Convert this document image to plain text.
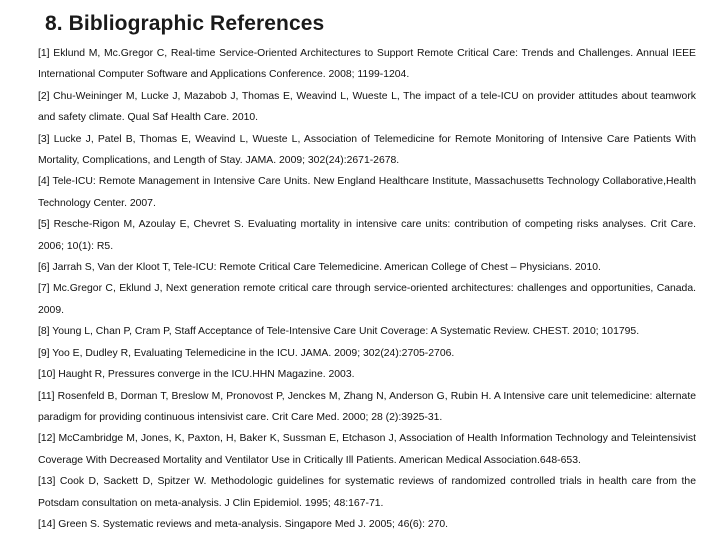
8. Bibliographic References
[1] Eklund M, Mc.Gregor C, Real-time Service-Oriented Architectures to Support Remote Critical Care: Trends and Challenges. Annual IEEE International Computer Software and Applications Conference. 2008; 1199-1204.
[2] Chu-Weininger M, Lucke J, Mazabob J, Thomas E, Weavind L, Wueste L, The impact of a tele-ICU on provider attitudes about teamwork and safety climate. Qual Saf Health Care. 2010.
[3] Lucke J, Patel B, Thomas E, Weavind L, Wueste L, Association of Telemedicine for Remote Monitoring of Intensive Care Patients With Mortality, Complications, and Length of Stay. JAMA. 2009; 302(24):2671-2678.
[4] Tele-ICU: Remote Management in Intensive Care Units. New England Healthcare Institute, Massachusetts Technology Collaborative,Health Technology Center. 2007.
[5] Resche-Rigon M, Azoulay E, Chevret S. Evaluating mortality in intensive care units: contribution of competing risks analyses. Crit Care. 2006; 10(1): R5.
[6] Jarrah S, Van der Kloot T, Tele-ICU: Remote Critical Care Telemedicine. American College of Chest – Physicians. 2010.
[7] Mc.Gregor C, Eklund J, Next generation remote critical care through service-oriented architectures: challenges and opportunities, Canada. 2009.
[8] Young L, Chan P, Cram P, Staff Acceptance of Tele-Intensive Care Unit Coverage: A Systematic Review. CHEST. 2010; 101795.
[9] Yoo E, Dudley R, Evaluating Telemedicine in the ICU. JAMA. 2009; 302(24):2705-2706.
[10] Haught R, Pressures converge in the ICU.HHN Magazine. 2003.
[11] Rosenfeld B, Dorman T, Breslow M, Pronovost P, Jenckes M, Zhang N, Anderson G, Rubin H. A Intensive care unit telemedicine: alternate paradigm for providing continuous intensivist care. Crit Care Med. 2000; 28 (2):3925-31.
[12] McCambridge M, Jones, K, Paxton, H, Baker K, Sussman E, Etchason J, Association of Health Information Technology and Teleintensivist Coverage With Decreased Mortality and Ventilator Use in Critically Ill Patients. American Medical Association.648-653.
[13] Cook D, Sackett D, Spitzer W. Methodologic guidelines for systematic reviews of randomized controlled trials in health care from the Potsdam consultation on meta-analysis. J Clin Epidemiol. 1995; 48:167-71.
[14] Green S. Systematic reviews and meta-analysis. Singapore Med J. 2005; 46(6): 270.
